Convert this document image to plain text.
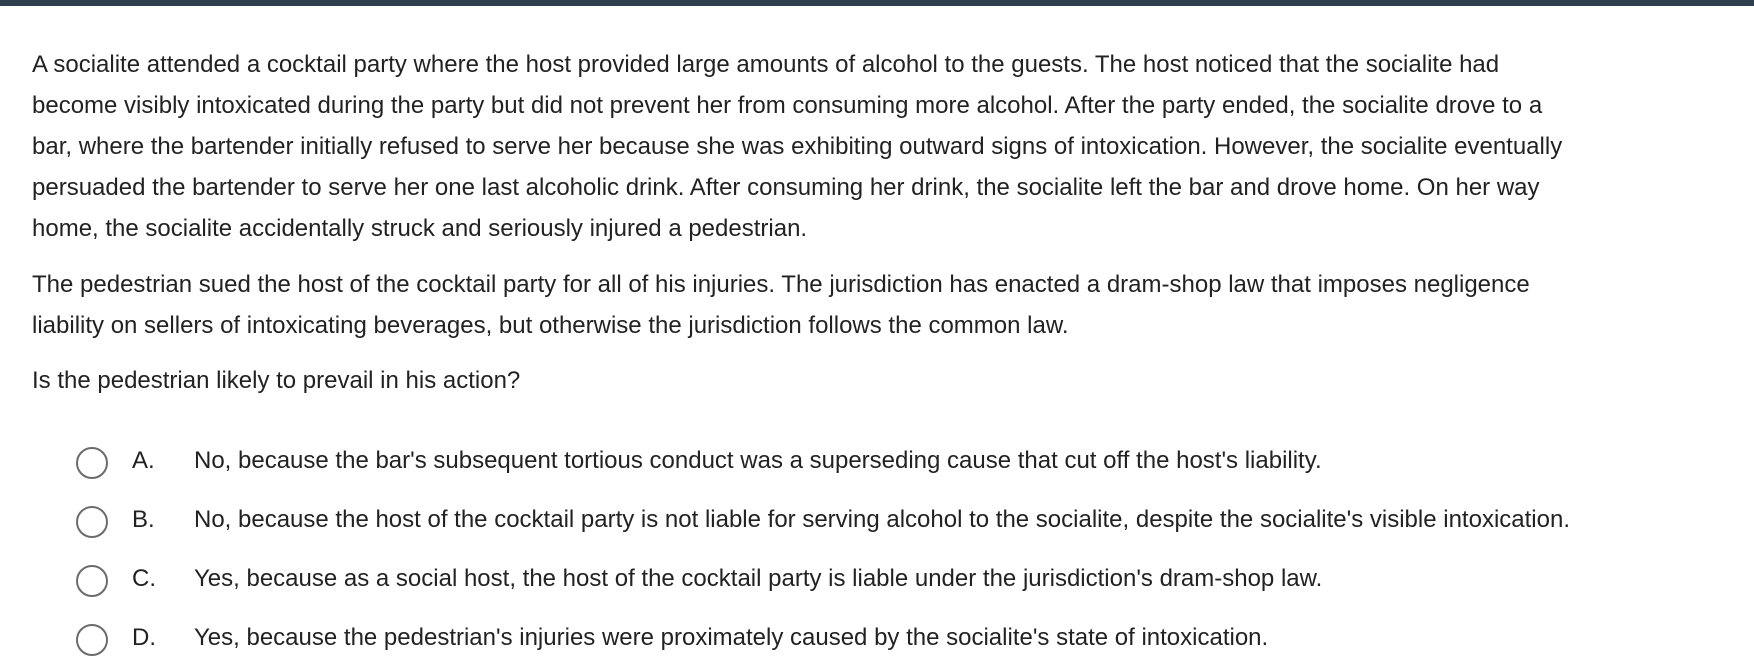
A socialite attended a cocktail party where the host provided large amounts of alcohol to the guests. The host noticed that the socialite had
become visibly intoxicated during the party but did not prevent her from consuming more alcohol. After the party ended, the socialite drove to a
bar, where the bartender initially refused to serve her because she was exhibiting outward signs of intoxication. However, the socialite eventually
persuaded the bartender to serve her one last alcoholic drink. After consuming her drink, the socialite left the bar and drove home. On her way
home, the socialite accidentally struck and seriously injured a pedestrian.

The pedestrian sued the host of the cocktail party for all of his injuries. The jurisdiction has enacted a dram-shop law that imposes negligence
liability on sellers of intoxicating beverages, but otherwise the jurisdiction follows the common law.

Is the pedestrian likely to prevail in his action?

A. No, because the bar's subsequent tortious conduct was a superseding cause that cut off the host's liability.
B. No, because the host of the cocktail party is not liable for serving alcohol to the socialite, despite the socialite's visible intoxication.
C. Yes, because as a social host, the host of the cocktail party is liable under the jurisdiction's dram-shop law.
D. Yes, because the pedestrian's injuries were proximately caused by the socialite's state of intoxication.
